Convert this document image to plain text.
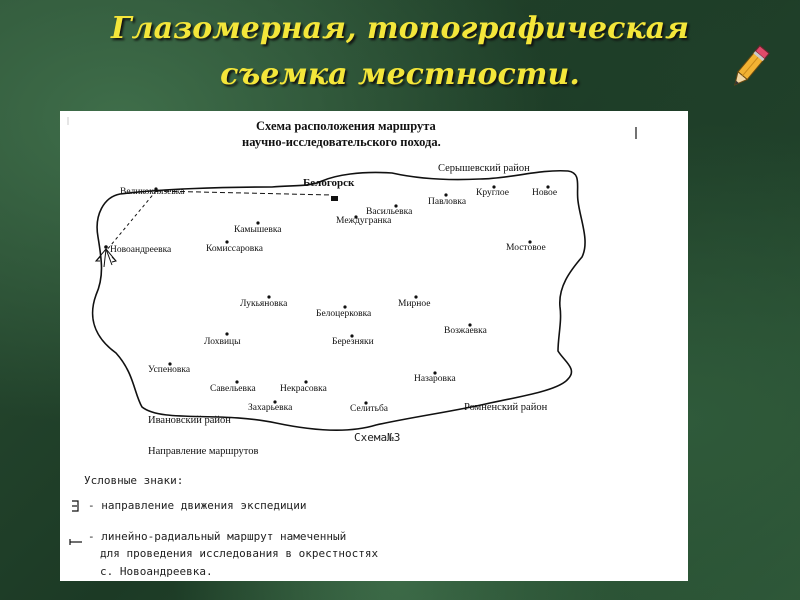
Глазомерная, топографическая
съемка местности.
Схема расположения маршрута
научно-исследовательского похода.
Белогорск
Серышевский район
Ивановский район
Ромненский район
Великокнязевка
Новоандреевка
Камышевка
Комиссаровка
Васильевка
Павловка
Круглое Новое
Междугранка
Мостовое
Лукьяновка
Белоцерковка
Мирное
Возжаевка
Лохвицы	Березняки
Успеновка
Назаровка
Савельевка	Некрасовка
Захарьевка	Селитьба
Направление маршрутов
Схема№3
Условные знаки:
- направление движения экспедиции
- линейно-радиальный маршрут намеченный
для проведения исследования в окрестностях
с. Новоандреевка.
